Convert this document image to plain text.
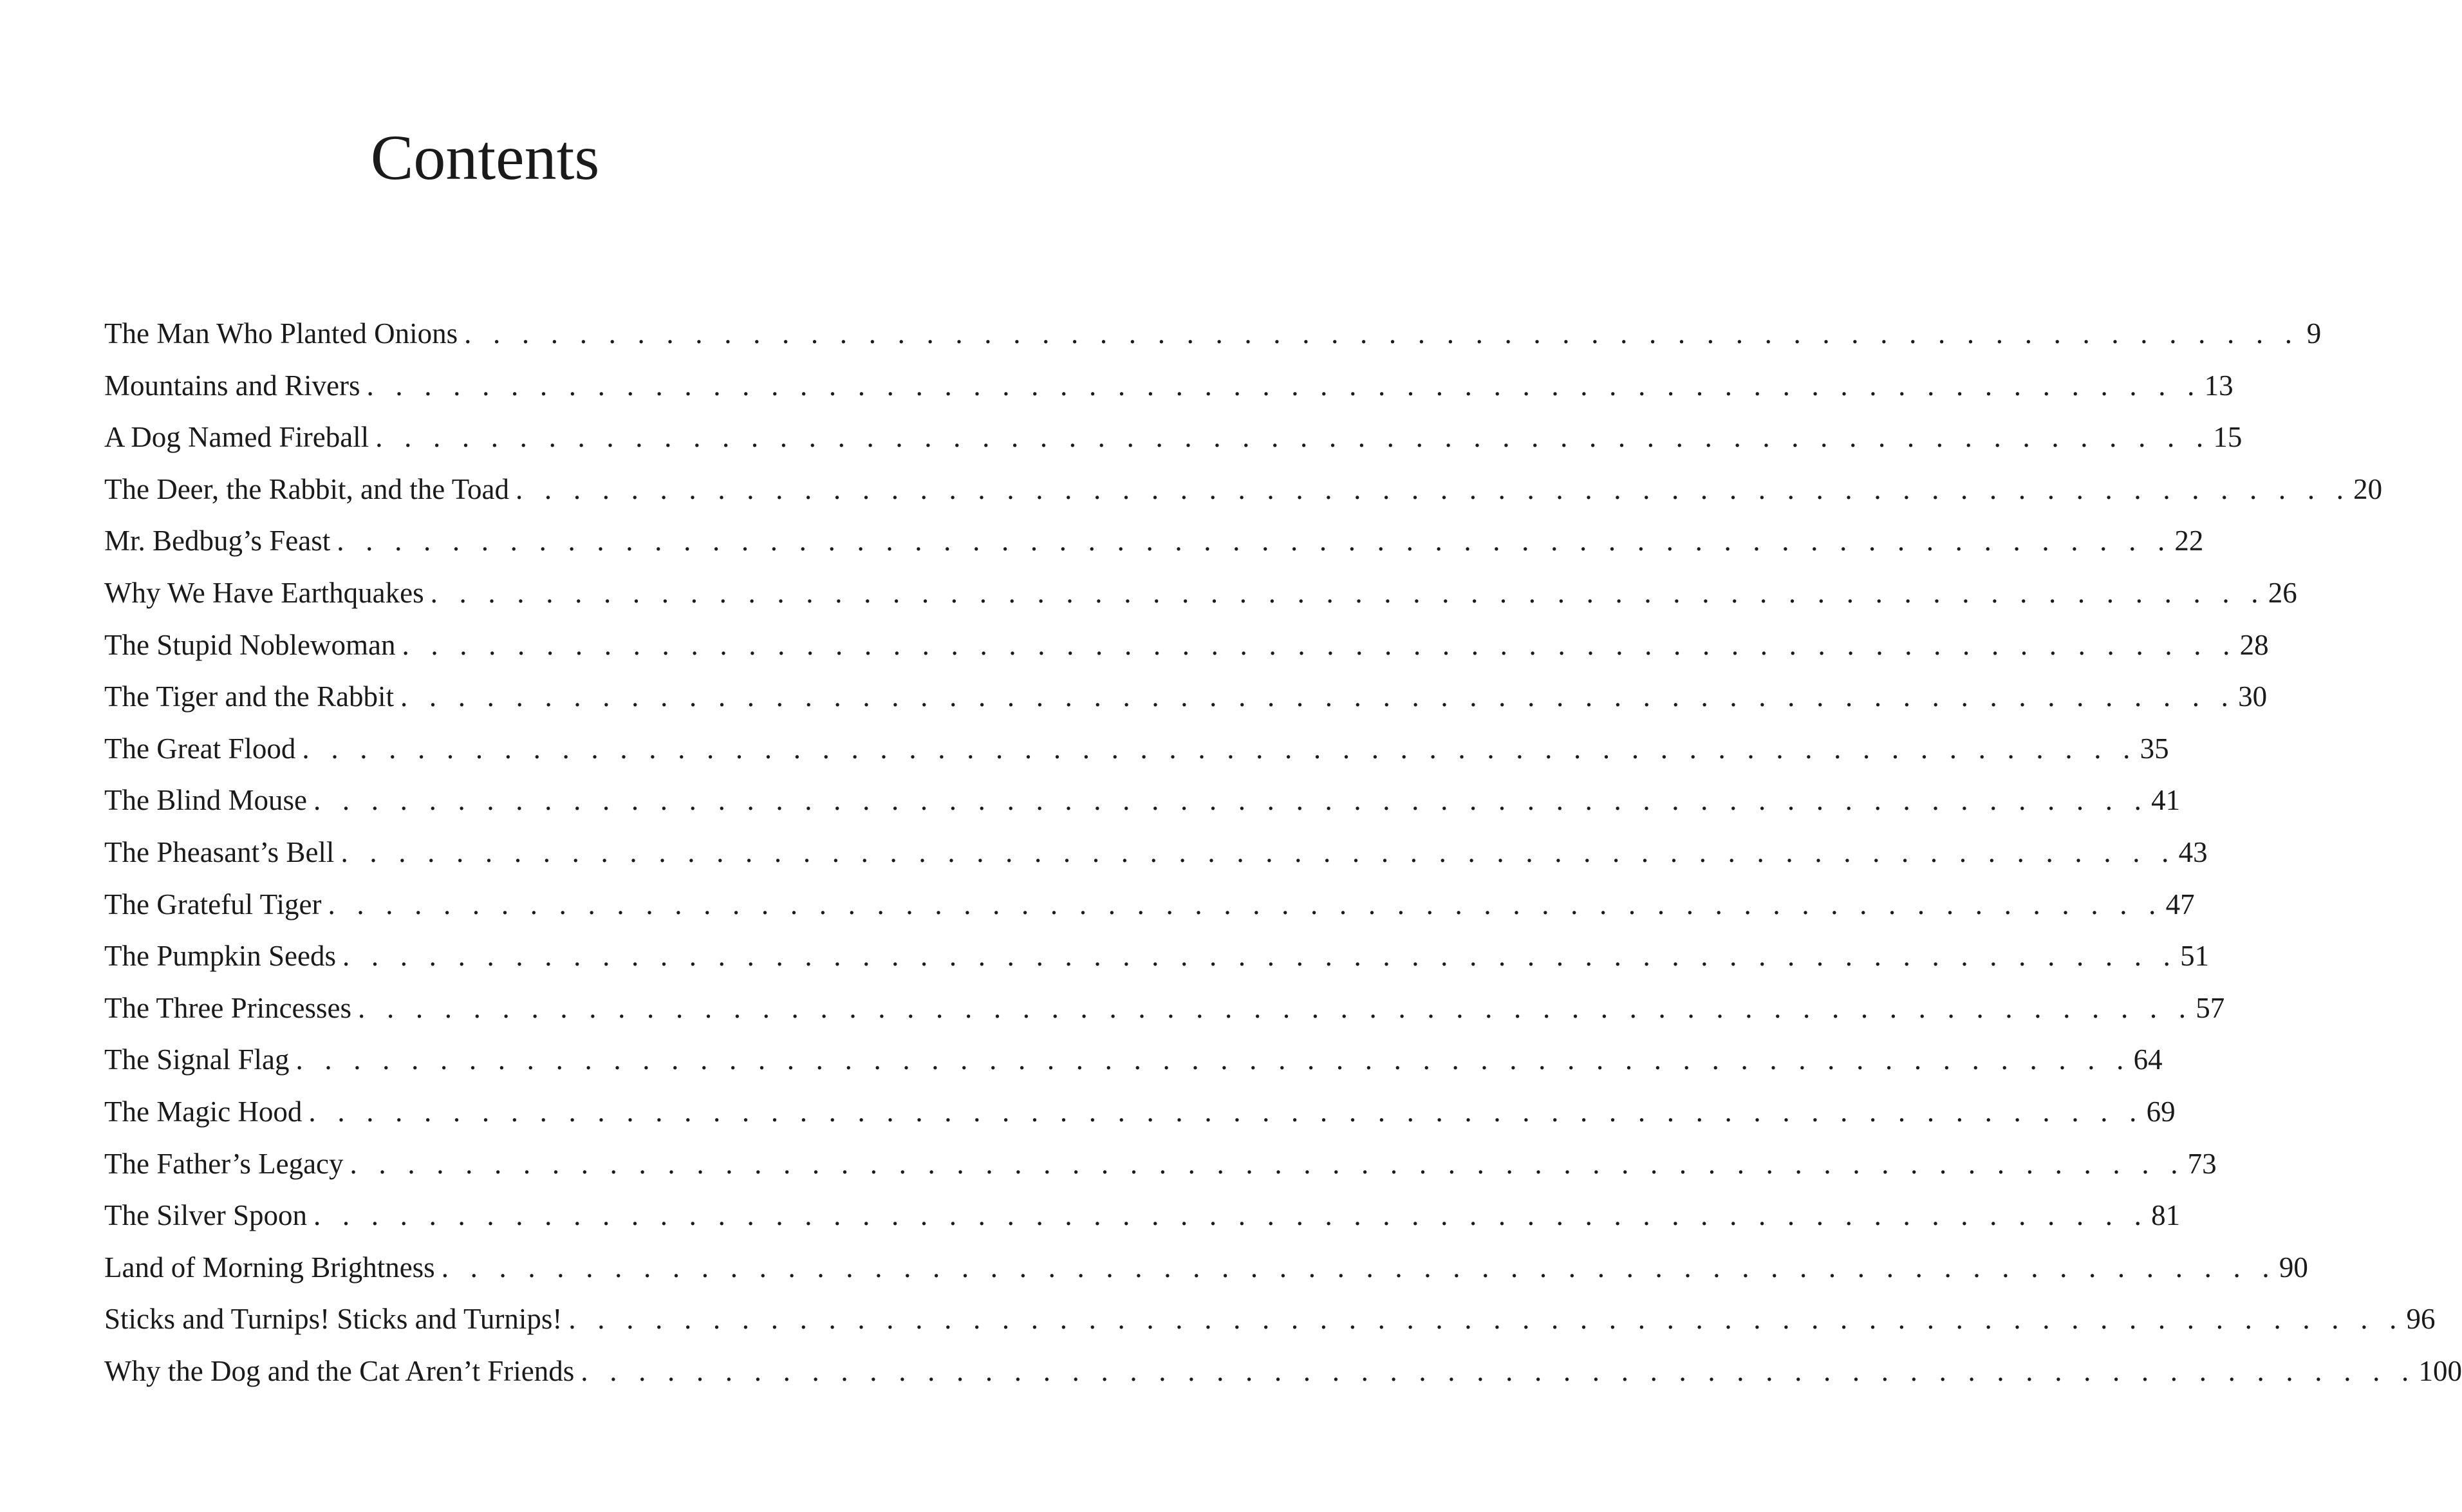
Contents
The Man Who Planted Onions . . . . . . . . . . . . . . . . . . . . . . . . . . . . . . . . . . . . . . . . . . . . . . . . . . . . . . . . . . . . . . . . 9
Mountains and Rivers . . . . . . . . . . . . . . . . . . . . . . . . . . . . . . . . . . . . . . . . . . . . . . . . . . . . . . . . . . . . . . . . 13
A Dog Named Fireball . . . . . . . . . . . . . . . . . . . . . . . . . . . . . . . . . . . . . . . . . . . . . . . . . . . . . . . . . . . . . . . . 15
The Deer, the Rabbit, and the Toad . . . . . . . . . . . . . . . . . . . . . . . . . . . . . . . . . . . . . . . . . . . . . . . . . . . . . . . . . . . . . . . . 20
Mr. Bedbug’s Feast . . . . . . . . . . . . . . . . . . . . . . . . . . . . . . . . . . . . . . . . . . . . . . . . . . . . . . . . . . . . . . . . 22
Why We Have Earthquakes . . . . . . . . . . . . . . . . . . . . . . . . . . . . . . . . . . . . . . . . . . . . . . . . . . . . . . . . . . . . . . . . 26
The Stupid Noblewoman . . . . . . . . . . . . . . . . . . . . . . . . . . . . . . . . . . . . . . . . . . . . . . . . . . . . . . . . . . . . . . . . 28
The Tiger and the Rabbit . . . . . . . . . . . . . . . . . . . . . . . . . . . . . . . . . . . . . . . . . . . . . . . . . . . . . . . . . . . . . . . . 30
The Great Flood . . . . . . . . . . . . . . . . . . . . . . . . . . . . . . . . . . . . . . . . . . . . . . . . . . . . . . . . . . . . . . . . 35
The Blind Mouse . . . . . . . . . . . . . . . . . . . . . . . . . . . . . . . . . . . . . . . . . . . . . . . . . . . . . . . . . . . . . . . . 41
The Pheasant’s Bell . . . . . . . . . . . . . . . . . . . . . . . . . . . . . . . . . . . . . . . . . . . . . . . . . . . . . . . . . . . . . . . . 43
The Grateful Tiger . . . . . . . . . . . . . . . . . . . . . . . . . . . . . . . . . . . . . . . . . . . . . . . . . . . . . . . . . . . . . . . . 47
The Pumpkin Seeds . . . . . . . . . . . . . . . . . . . . . . . . . . . . . . . . . . . . . . . . . . . . . . . . . . . . . . . . . . . . . . . . 51
The Three Princesses . . . . . . . . . . . . . . . . . . . . . . . . . . . . . . . . . . . . . . . . . . . . . . . . . . . . . . . . . . . . . . . . 57
The Signal Flag . . . . . . . . . . . . . . . . . . . . . . . . . . . . . . . . . . . . . . . . . . . . . . . . . . . . . . . . . . . . . . . . 64
The Magic Hood . . . . . . . . . . . . . . . . . . . . . . . . . . . . . . . . . . . . . . . . . . . . . . . . . . . . . . . . . . . . . . . . 69
The Father’s Legacy . . . . . . . . . . . . . . . . . . . . . . . . . . . . . . . . . . . . . . . . . . . . . . . . . . . . . . . . . . . . . . . . 73
The Silver Spoon . . . . . . . . . . . . . . . . . . . . . . . . . . . . . . . . . . . . . . . . . . . . . . . . . . . . . . . . . . . . . . . . 81
Land of Morning Brightness . . . . . . . . . . . . . . . . . . . . . . . . . . . . . . . . . . . . . . . . . . . . . . . . . . . . . . . . . . . . . . . . 90
Sticks and Turnips! Sticks and Turnips! . . . . . . . . . . . . . . . . . . . . . . . . . . . . . . . . . . . . . . . . . . . . . . . . . . . . . . . . . . . . . . . . 96
Why the Dog and the Cat Aren’t Friends . . . . . . . . . . . . . . . . . . . . . . . . . . . . . . . . . . . . . . . . . . . . . . . . . . . . . . . . . . . . . . . . 100
